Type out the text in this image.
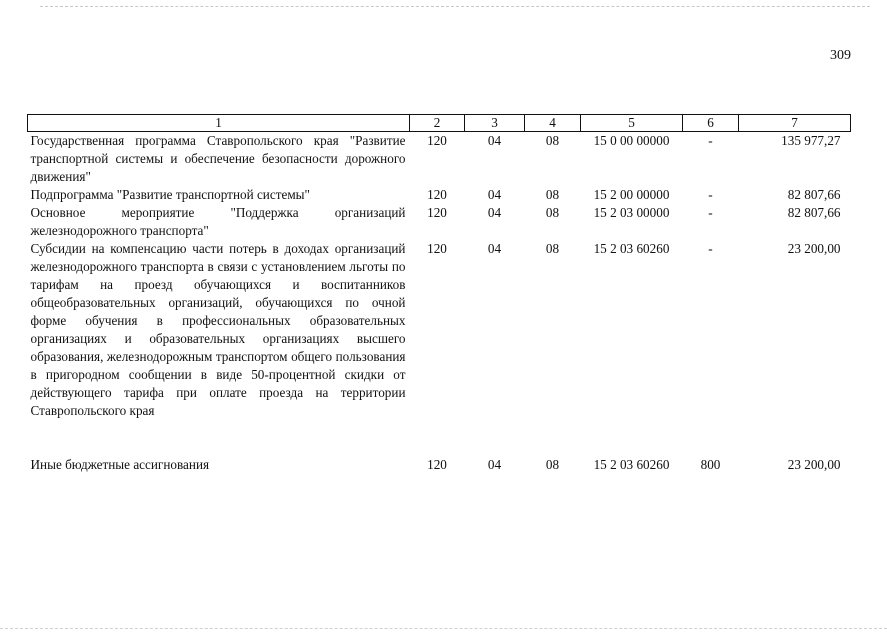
309
1	2	3	4	5	6	7
Государственная программа Ставропольского края "Развитие транспортной системы и обеспечение безопасности дорожного движения"	120	04	08	15 0 00 00000	-	135 977,27
Подпрограмма "Развитие транспортной системы"	120	04	08	15 2 00 00000	-	82 807,66
Основное мероприятие "Поддержка организаций железнодорожного транспорта"	120	04	08	15 2 03 00000	-	82 807,66
Субсидии на компенсацию части потерь в доходах организаций железнодорожного транспорта в связи с установлением льготы по тарифам на проезд обучающихся и воспитанников общеобразовательных организаций, обучающихся по очной форме обучения в профессиональных образовательных организациях и образовательных организациях высшего образования, железнодорожным транспортом общего пользования в пригородном сообщении в виде 50-процентной скидки от действующего тарифа при оплате проезда на территории Ставропольского края	120	04	08	15 2 03 60260	-	23 200,00
Иные бюджетные ассигнования	120	04	08	15 2 03 60260	800	23 200,00
